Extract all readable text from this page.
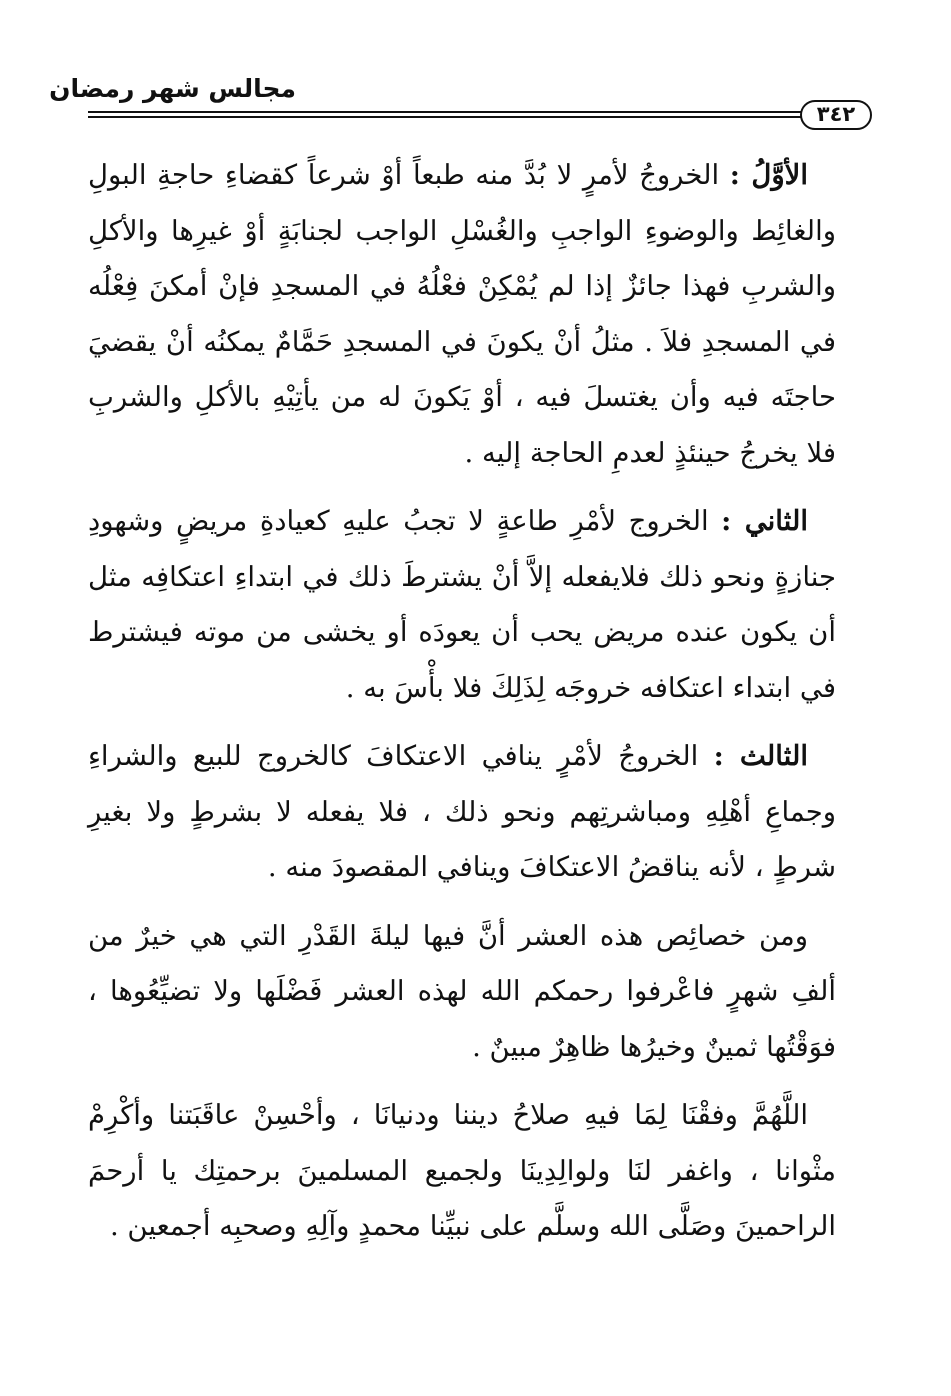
مجالس شهر رمضان
٣٤٢

الأوَّلُ : الخروجُ لأمرٍ لا بُدَّ منه طبعاً أوْ شرعاً كقضاءِ حاجةِ البولِ والغائِط والوضوءِ الواجبِ والغُسْلِ الواجب لجنابَةٍ أوْ غيرِها والأكلِ والشربِ فهذا جائزٌ إذا لم يُمْكِنْ فعْلُهُ في المسجدِ فإنْ أمكنَ فِعْلُه في المسجدِ فلاَ . مثلُ أنْ يكونَ في المسجدِ حَمَّامٌ يمكنُه أنْ يقضيَ حاجتَه فيه وأن يغتسلَ فيه ، أوْ يَكونَ له من يأتِيْهِ بالأكلِ والشربِ فلا يخرجُ حينئذٍ لعدمِ الحاجة إليه .

الثاني : الخروج لأمْرِ طاعةٍ لا تجبُ عليهِ كعيادةِ مريضٍ وشهودِ جنازةٍ ونحو ذلك فلايفعله إلاَّ أنْ يشترطَ ذلك في ابتداءِ اعتكافِه مثل أن يكون عنده مريض يحب أن يعودَه أو يخشى من موته فيشترط في ابتداء اعتكافه خروجَه لِذَلِكَ فلا بأْسَ به .

الثالث : الخروجُ لأمْرٍ ينافي الاعتكافَ كالخروج للبيع والشراءِ وجماعِ أهْلِهِ ومباشرتِهم ونحو ذلك ، فلا يفعله لا بشرطٍ ولا بغيرِ شرطٍ ، لأنه يناقضُ الاعتكافَ وينافي المقصودَ منه .

ومن خصائِص هذه العشر أنَّ فيها ليلةَ القَدْرِ التي هي خيرٌ من ألفِ شهرٍ فاعْرفوا رحمكم الله لهذه العشر فَضْلَها ولا تضيِّعُوها ، فوَقْتُها ثمينٌ وخيرُها ظاهِرٌ مبينٌ .

اللَّهُمَّ وفقْنَا لِمَا فيهِ صلاحُ ديننا ودنيانَا ، وأحْسِنْ عاقَبَتنا وأكْرِمْ مثْوانا ، واغفر لنَا ولوالِدِينَا ولجميع المسلمينَ برحمتِك يا أرحمَ الراحمينَ وصَلَّى الله وسلَّم على نبيِّنا محمدٍ وآلِهِ وصحبِه أجمعين .
